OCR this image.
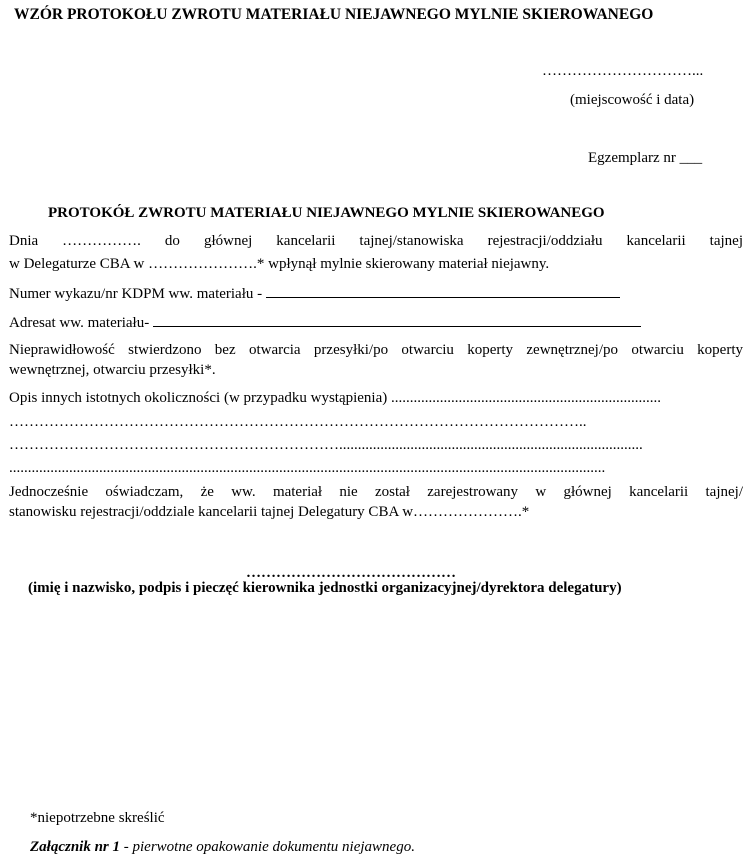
WZÓR PROTOKOŁU ZWROTU MATERIAŁU NIEJAWNEGO MYLNIE SKIEROWANEGO
…………………………...
(miejscowość i data)
Egzemplarz nr ___
PROTOKÓŁ ZWROTU MATERIAŁU NIEJAWNEGO MYLNIE SKIEROWANEGO
Dnia ……………. do głównej kancelarii tajnej/stanowiska rejestracji/oddziału kancelarii tajnej
w Delegaturze CBA w ………………….* wpłynął mylnie skierowany materiał niejawny.
Numer wykazu/nr KDPM ww. materiału -
Adresat ww. materiału-
Nieprawidłowość stwierdzono bez otwarcia przesyłki/po otwarciu koperty zewnętrznej/po otwarciu koperty
wewnętrznej, otwarciu przesyłki*.
Opis innych istotnych okoliczności (w przypadku wystąpienia) ........................................................................
……………………………………………………………………………………………………..
………………………………………………………….................................................................................
...............................................................................................................................................................
Jednocześnie oświadczam, że ww. materiał nie został zarejestrowany w głównej kancelarii tajnej/
stanowisku rejestracji/oddziale kancelarii tajnej Delegatury CBA w………………….*
……………………………………
(imię i nazwisko, podpis i pieczęć kierownika jednostki organizacyjnej/dyrektora delegatury)
*niepotrzebne skreślić
Załącznik nr 1 - pierwotne opakowanie dokumentu niejawnego.
